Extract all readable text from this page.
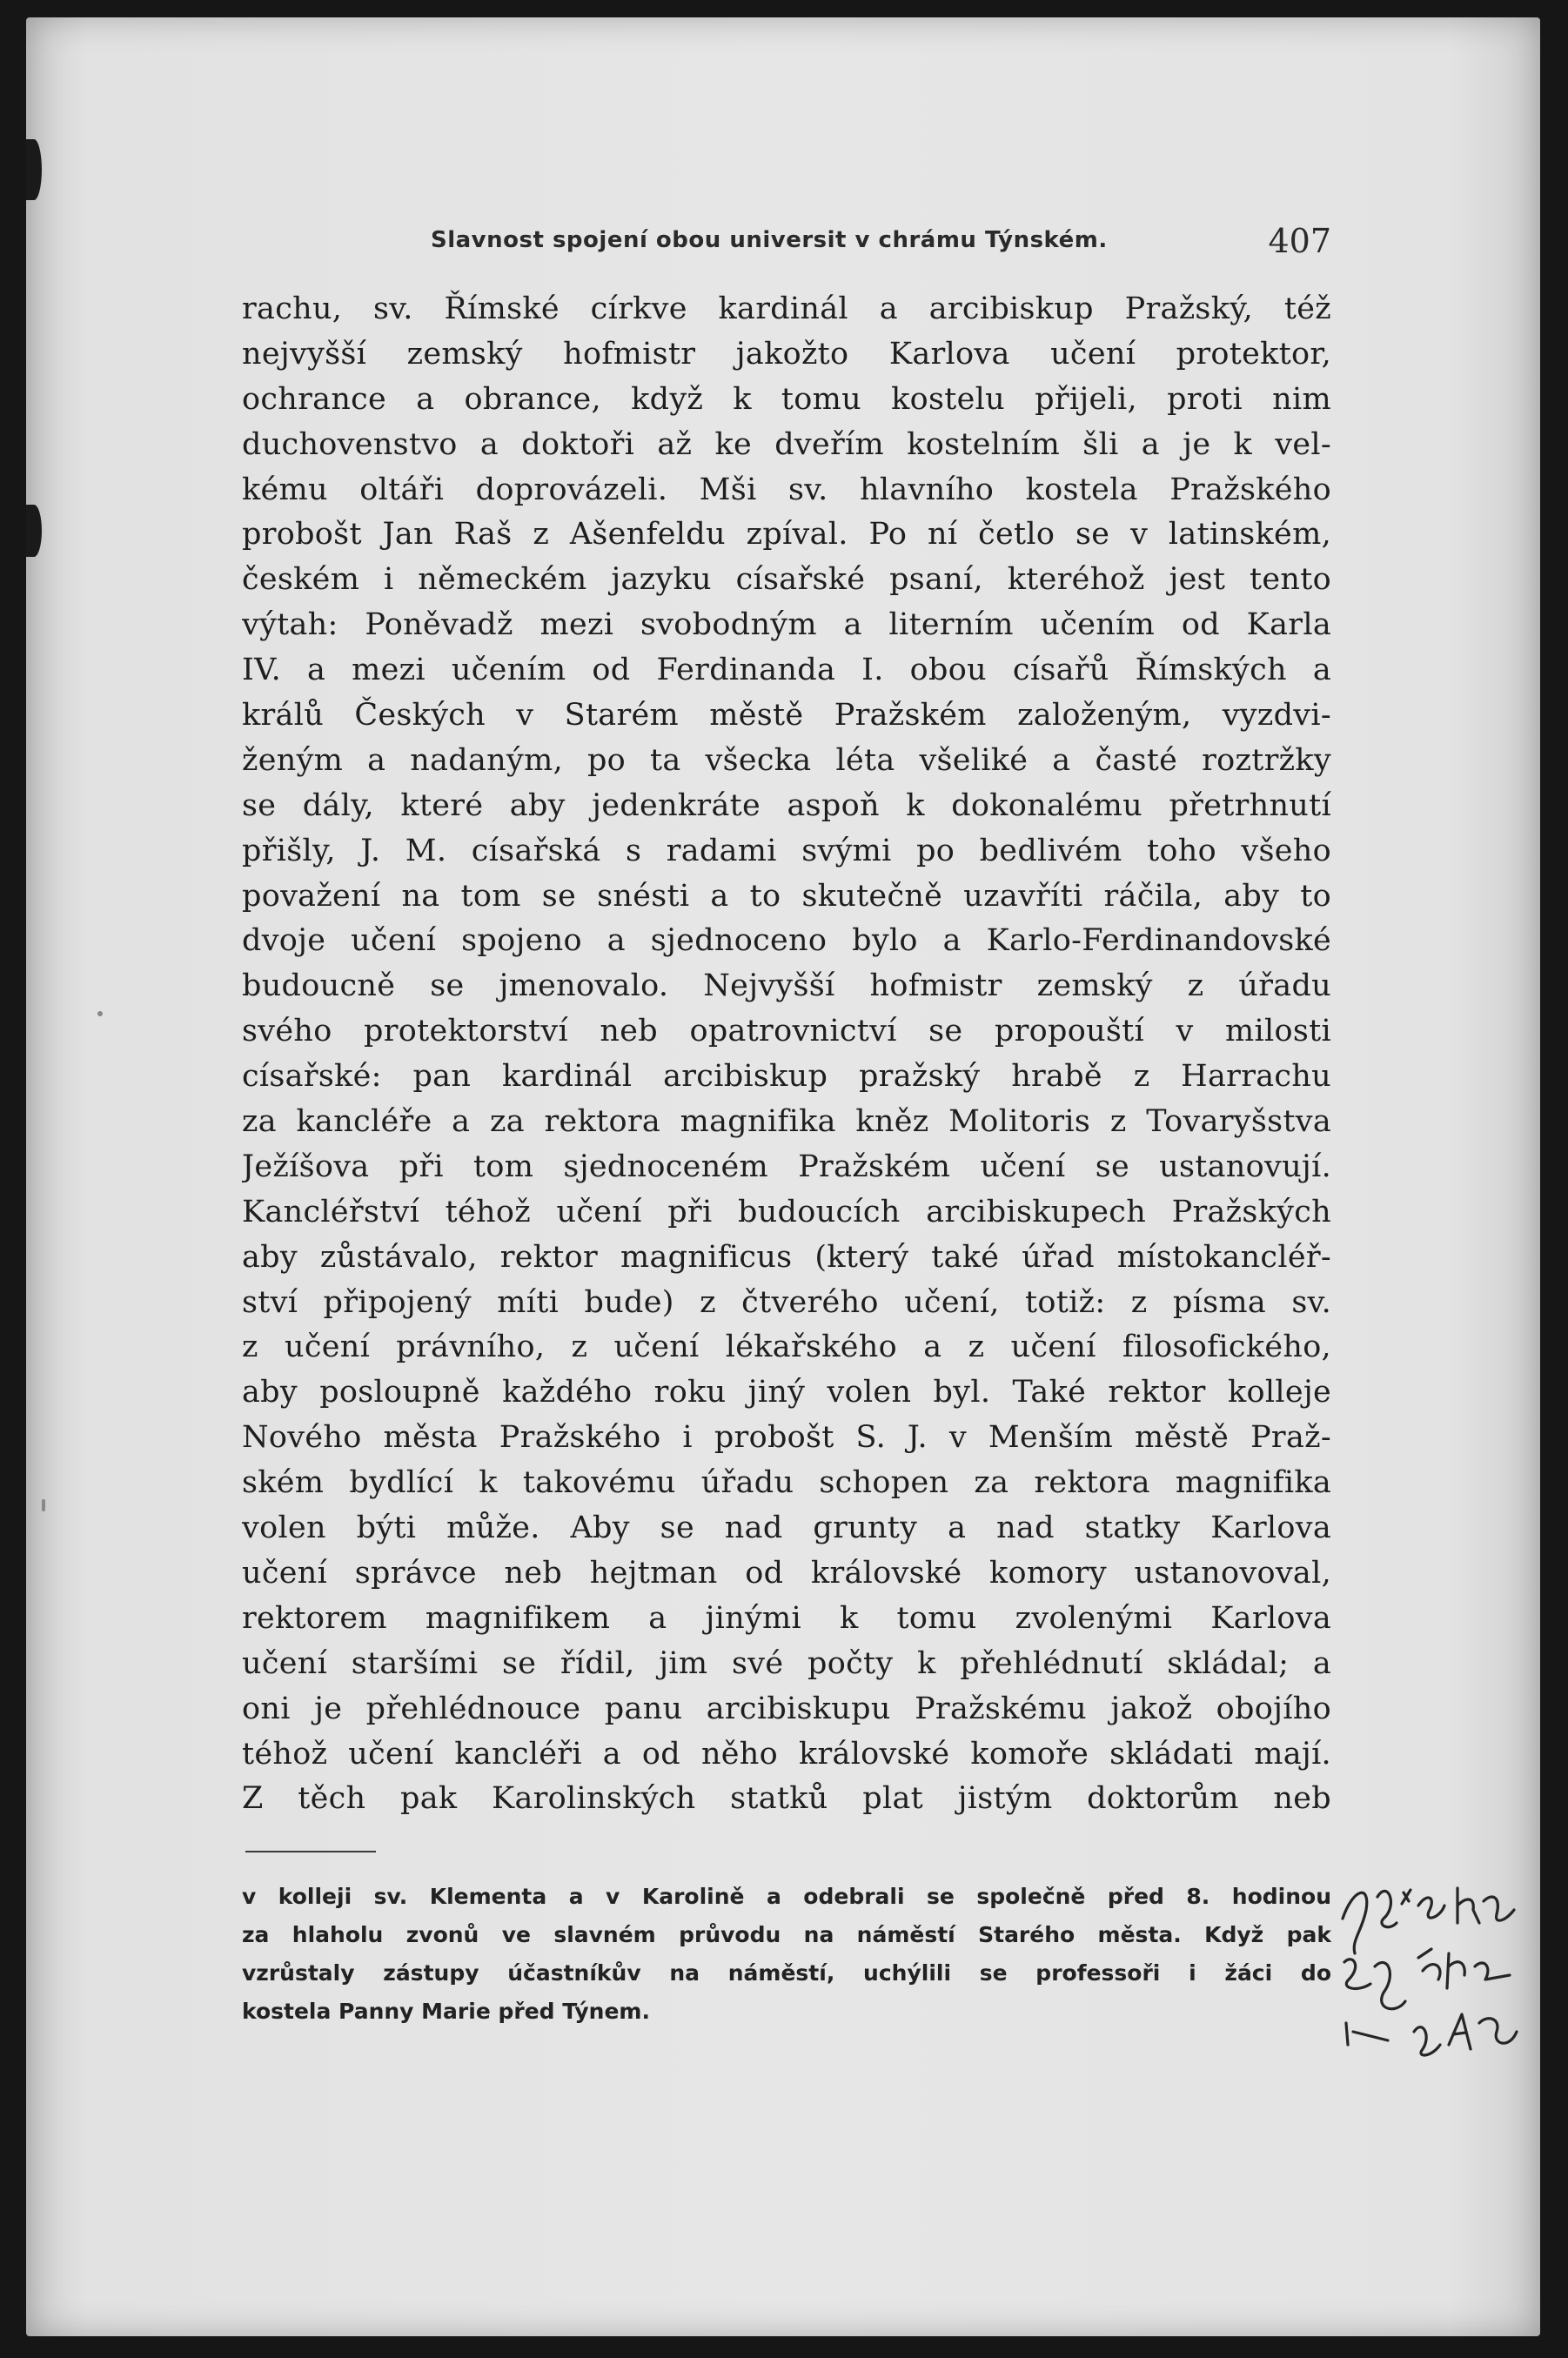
Slavnost spojení obou universit v chrámu Týnském.	407
rachu, sv. Římské církve kardinál a arcibiskup Pražský, též
nejvyšší zemský hofmistr jakožto Karlova učení protektor,
ochrance a obrance, když k tomu kostelu přijeli, proti nim
duchovenstvo a doktoři až ke dveřím kostelním šli a je k vel-
kému oltáři doprovázeli. Mši sv. hlavního kostela Pražského
probošt Jan Raš z Ašenfeldu zpíval. Po ní četlo se v latinském,
českém i německém jazyku císařské psaní, kteréhož jest tento
výtah: Poněvadž mezi svobodným a literním učením od Karla
IV. a mezi učením od Ferdinanda I. obou císařů Římských a
králů Českých v Starém městě Pražském založeným, vyzdvi-
ženým a nadaným, po ta všecka léta všeliké a časté roztržky
se dály, které aby jedenkráte aspoň k dokonalému přetrhnutí
přišly, J. M. císařská s radami svými po bedlivém toho všeho
považení na tom se snésti a to skutečně uzavříti ráčila, aby to
dvoje učení spojeno a sjednoceno bylo a Karlo-Ferdinandovské
budoucně se jmenovalo. Nejvyšší hofmistr zemský z úřadu
svého protektorství neb opatrovnictví se propouští v milosti
císařské: pan kardinál arcibiskup pražský hrabě z Harrachu
za kancléře a za rektora magnifika kněz Molitoris z Tovaryšstva
Ježíšova při tom sjednoceném Pražském učení se ustanovují.
Kancléřství téhož učení při budoucích arcibiskupech Pražských
aby zůstávalo, rektor magnificus (který také úřad místokancléř-
ství připojený míti bude) z čtverého učení, totiž: z písma sv.
z učení právního, z učení lékařského a z učení filosofického,
aby posloupně každého roku jiný volen byl. Také rektor kolleje
Nového města Pražského i probošt S. J. v Menším městě Praž-
ském bydlící k takovému úřadu schopen za rektora magnifika
volen býti může. Aby se nad grunty a nad statky Karlova
učení správce neb hejtman od královské komory ustanovoval,
rektorem magnifikem a jinými k tomu zvolenými Karlova
učení staršími se řídil, jim své počty k přehlédnutí skládal; a
oni je přehlédnouce panu arcibiskupu Pražskému jakož obojího
téhož učení kancléři a od něho královské komoře skládati mají.
Z těch pak Karolinských statků plat jistým doktorům neb
v kolleji sv. Klementa a v Karolině a odebrali se společně před 8. hodinou
za hlaholu zvonů ve slavném průvodu na náměstí Starého města. Když pak
vzrůstaly zástupy účastníkův na náměstí, uchýlili se professoři i žáci do
kostela Panny Marie před Týnem.
